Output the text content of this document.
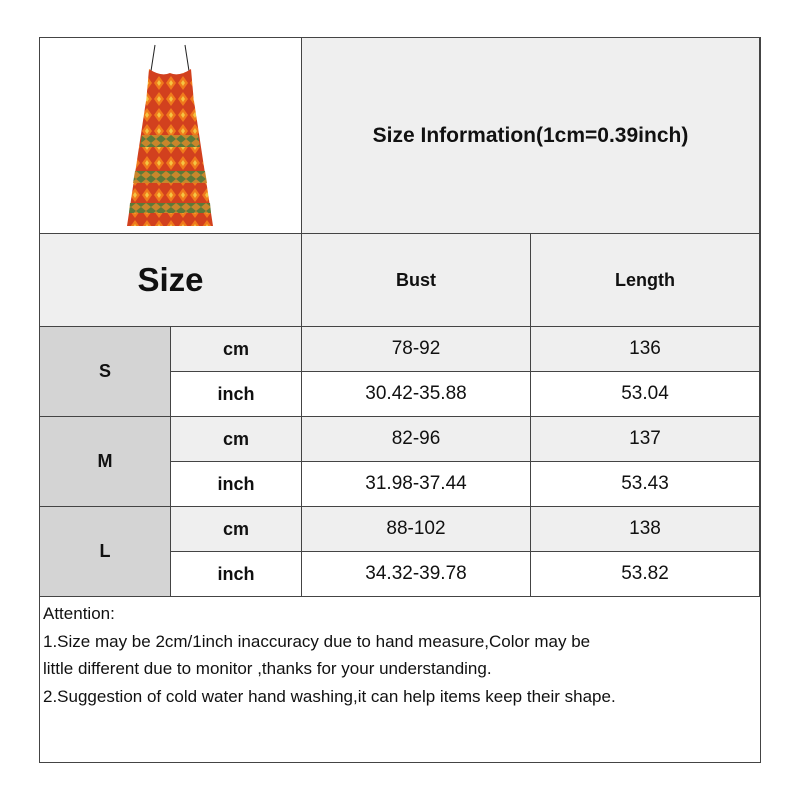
Size Information(1cm=0.39inch)
Size	Bust	Length
S
cm	78-92	136
inch	30.42-35.88	53.04
M
cm	82-96	137
inch	31.98-37.44	53.43
L
cm	88-102	138
inch	34.32-39.78	53.82
Attention:
1.Size may be 2cm/1inch inaccuracy due to hand measure,Color may be
little different due to monitor ,thanks for your understanding.
2.Suggestion of cold water hand washing,it can help items keep their shape.
